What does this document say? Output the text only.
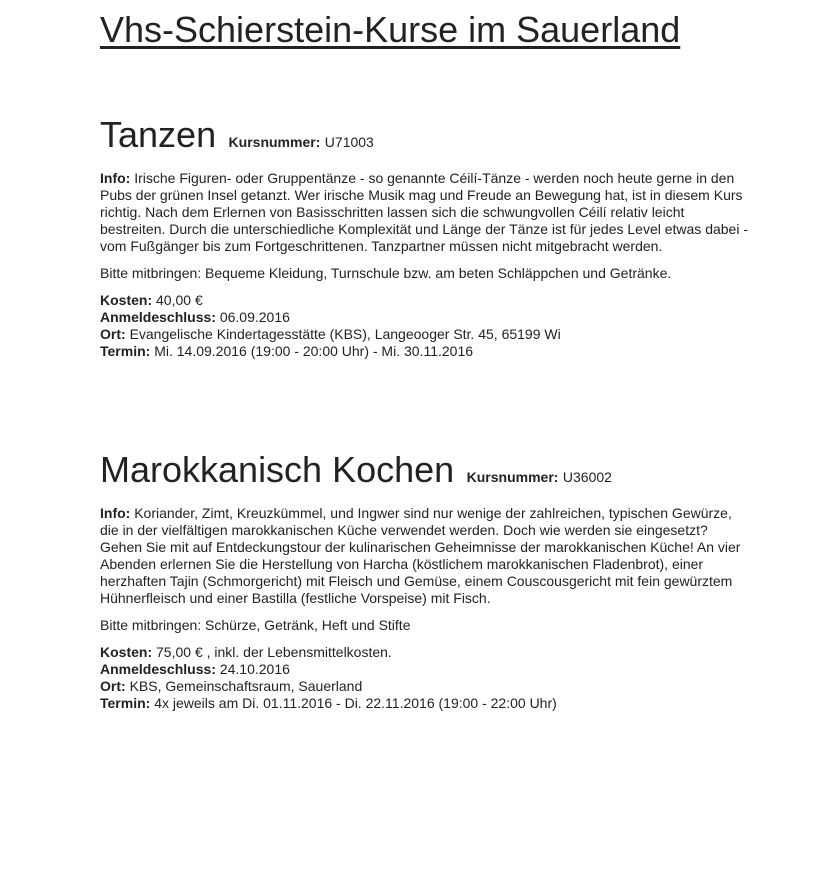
Vhs-Schierstein-Kurse im Sauerland
Tanzen Kursnummer: U71003

Info: Irische Figuren- oder Gruppentänze - so genannte Céilí-Tänze - werden noch heute gerne in den Pubs der grünen Insel getanzt. Wer irische Musik mag und Freude an Bewegung hat, ist in diesem Kurs richtig. Nach dem Erlernen von Basisschritten lassen sich die schwungvollen Céilí relativ leicht bestreiten. Durch die unterschiedliche Komplexität und Länge der Tänze ist für jedes Level etwas dabei - vom Fußgänger bis zum Fortgeschrittenen. Tanzpartner müssen nicht mitgebracht werden.

Bitte mitbringen: Bequeme Kleidung, Turnschule bzw. am beten Schläppchen und Getränke.

Kosten: 40,00 €
Anmeldeschluss: 06.09.2016
Ort: Evangelische Kindertagesstätte (KBS), Langeooger Str. 45, 65199 Wi
Termin: Mi. 14.09.2016 (19:00 - 20:00 Uhr) - Mi. 30.11.2016
Marokkanisch Kochen Kursnummer: U36002

Info: Koriander, Zimt, Kreuzkümmel, und Ingwer sind nur wenige der zahlreichen, typischen Gewürze, die in der vielfältigen marokkanischen Küche verwendet werden. Doch wie werden sie eingesetzt? Gehen Sie mit auf Entdeckungstour der kulinarischen Geheimnisse der marokkanischen Küche! An vier Abenden erlernen Sie die Herstellung von Harcha (köstlichem marokkanischen Fladenbrot), einer herzhaften Tajin (Schmorgericht) mit Fleisch und Gemüse, einem Couscousgericht mit fein gewürztem Hühnerfleisch und einer Bastilla (festliche Vorspeise) mit Fisch.

Bitte mitbringen: Schürze, Getränk, Heft und Stifte

Kosten: 75,00 € , inkl. der Lebensmittelkosten.
Anmeldeschluss: 24.10.2016
Ort: KBS, Gemeinschaftsraum, Sauerland
Termin: 4x jeweils am Di. 01.11.2016 - Di. 22.11.2016 (19:00 - 22:00 Uhr)
